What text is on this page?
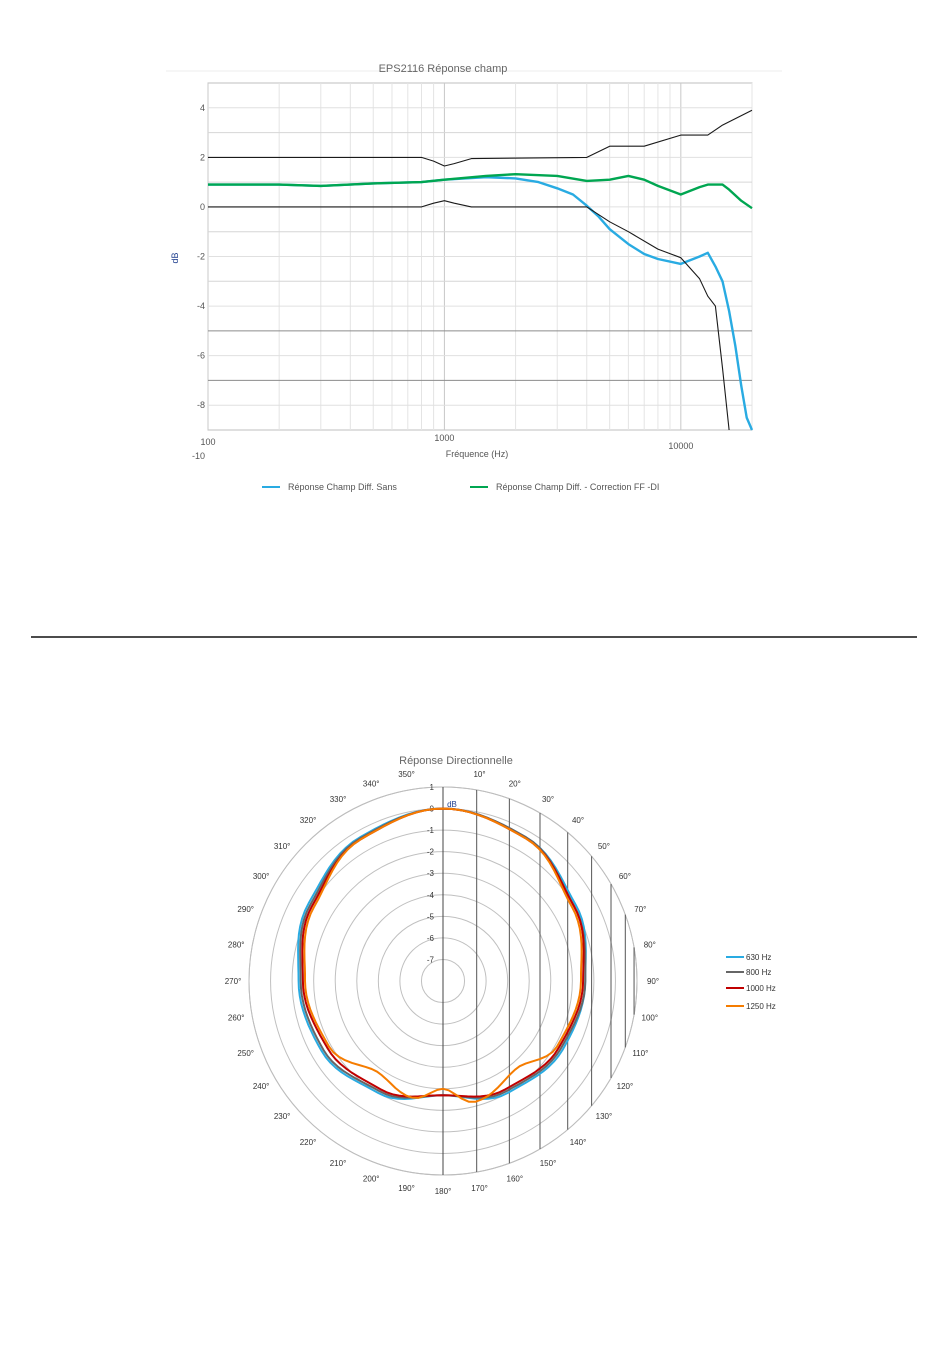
EPS2116 Réponse champ
4
2
0
-2
-4
-6
-8
-10
100	1000
10000
dB
Fréquence (Hz)
Réponse Champ Diff. Sans	Réponse Champ Diff. - Correction FF -DI
Réponse Directionnelle
350°	10°
20°
30°
40°
50°
60°
70°
80°
90°
100°
110°
120°
130°
140°
150°
160°
170°
180°
190°
200°
210°
220°
230°
240°
250°
260°
270°
280°
290°
300°
310°
320°
330°
340°	1
0
-1
-2
-3
-4
-5
-6
-7
dB
630 Hz
800 Hz
1000 Hz
1250 Hz
